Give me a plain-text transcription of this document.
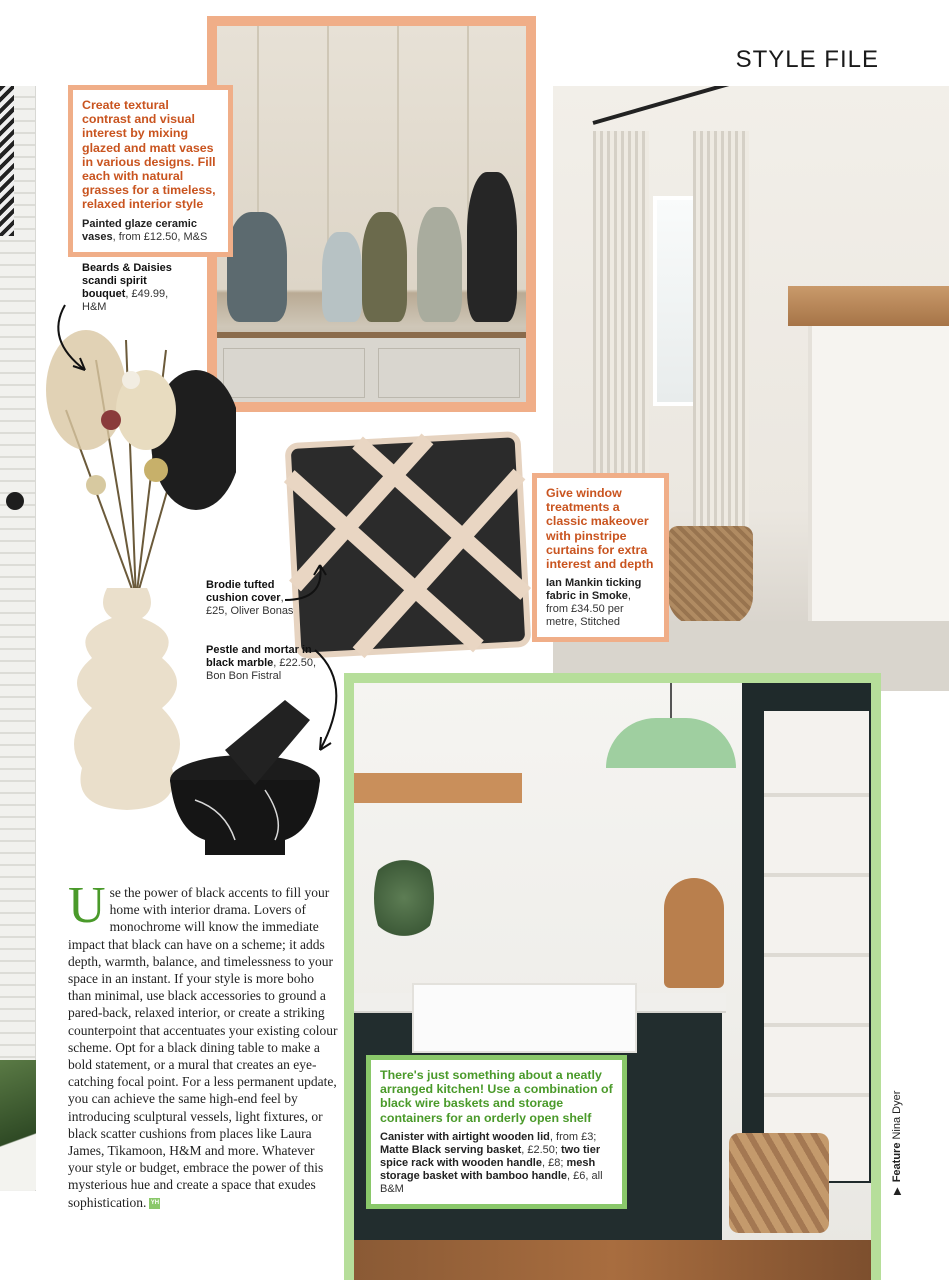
STYLE FILE
Create textural contrast and visual interest by mixing glazed and matt vases in various designs. Fill each with natural grasses for a timeless, relaxed interior style
Painted glaze ceramic vases, from £12.50, M&S
Beards & Daisies scandi spirit bouquet, £49.99, H&M
Brodie tufted cushion cover, £25, Oliver Bonas
Pestle and mortar in black marble, £22.50, Bon Bon Fistral
Give window treatments a classic makeover with pinstripe curtains for extra interest and depth
Ian Mankin ticking fabric in Smoke, from £34.50 per metre, Stitched
There's just something about a neatly arranged kitchen! Use a combination of black wire baskets and storage containers for an orderly open shelf
Canister with airtight wooden lid, from £3; Matte Black serving basket, £2.50; two tier spice rack with wooden handle, £8; mesh storage basket with bamboo handle, £6, all B&M
Use the power of black accents to fill your home with interior drama. Lovers of monochrome will know the immediate impact that black can have on a scheme; it adds depth, warmth, balance, and timelessness to your space in an instant. If your style is more boho than minimal, use black accessories to ground a pared-back, relaxed interior, or create a striking counterpoint that accentuates your existing colour scheme. Opt for a black dining table to make a bold statement, or a mural that creates an eye-catching focal point. For a less permanent update, you can achieve the same high-end feel by introducing sculptural vessels, light fixtures, or black scatter cushions from places like Laura James, Tikamoon, H&M and more. Whatever your style or budget, embrace the power of this mysterious hue and create a space that exudes sophistication. YH
▶FeatureNina Dyer
